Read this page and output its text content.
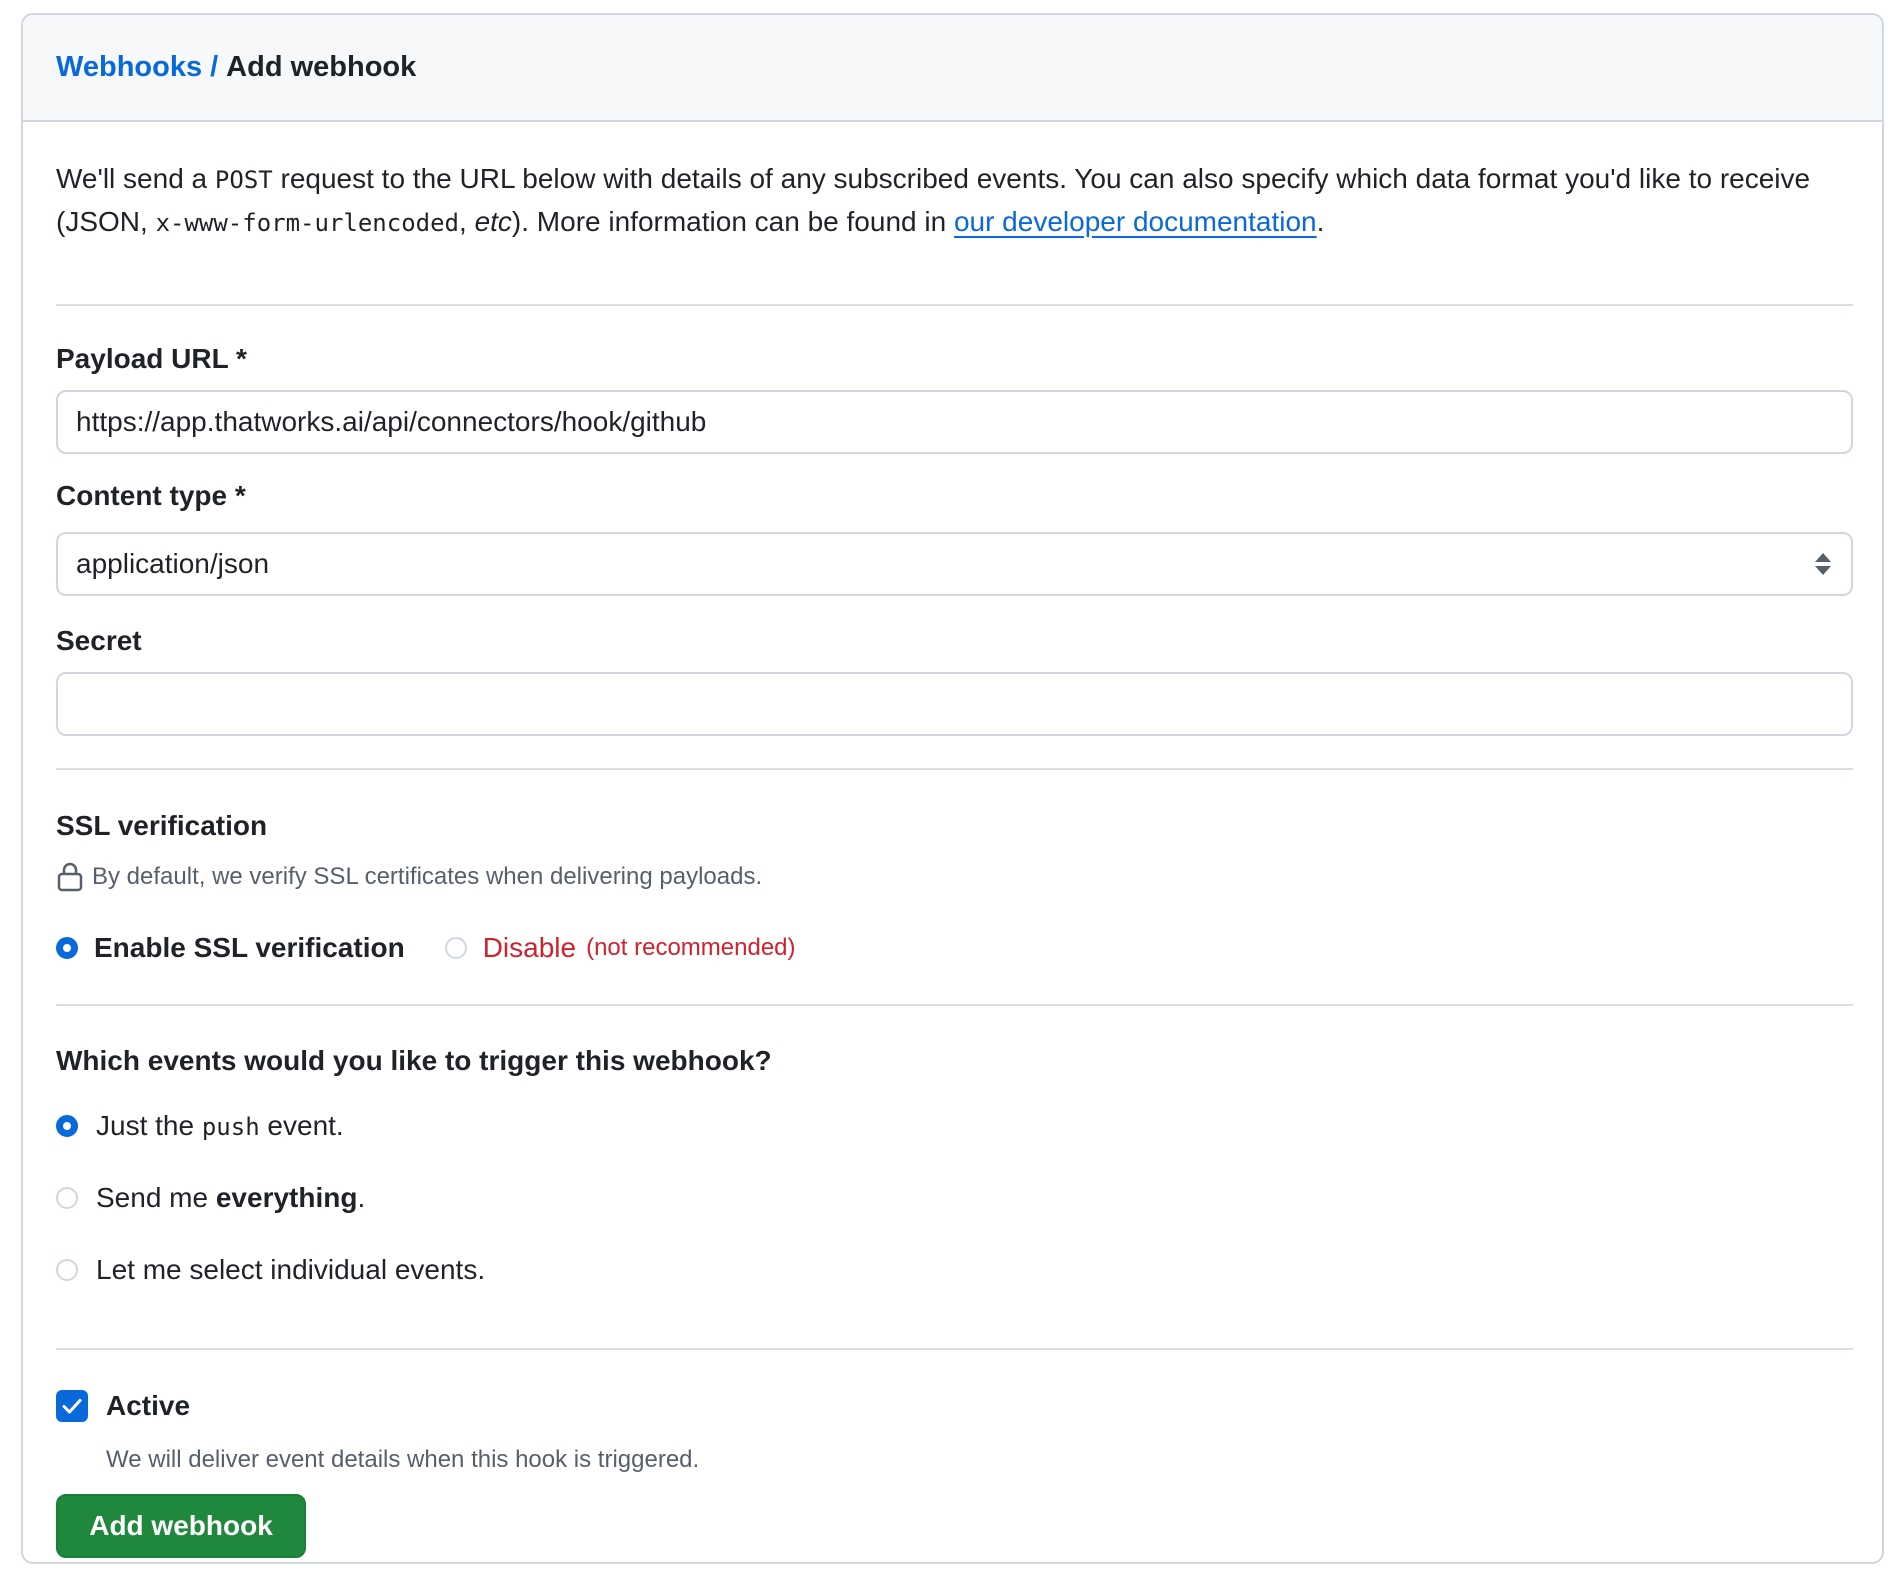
Webhooks / Add webhook
We'll send a POST request to the URL below with details of any subscribed events. You can also specify which data format you'd like to receive (JSON, x-www-form-urlencoded, etc). More information can be found in our developer documentation.
Payload URL *
https://app.thatworks.ai/api/connectors/hook/github
Content type *
application/json
Secret
SSL verification
By default, we verify SSL certificates when delivering payloads.
Enable SSL verification	Disable (not recommended)
Which events would you like to trigger this webhook?
Just the push event.
Send me everything.
Let me select individual events.
Active
We will deliver event details when this hook is triggered.
Add webhook
